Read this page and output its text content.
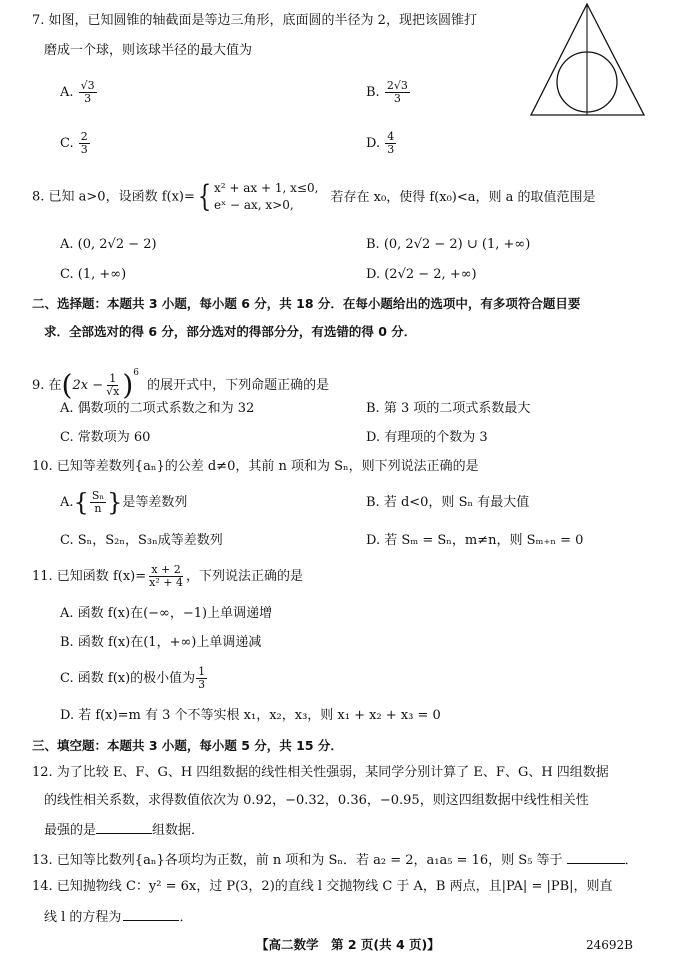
7. 如图，已知圆锥的轴截面是等边三角形，底面圆的半径为 2，现把该圆锥打
磨成一个球，则该球半径的最大值为
A. $\frac{√3}{3}$	B. $\frac{2√3}{3}$
C. $\frac{2}{3}$	D. $\frac{4}{3}$
8. 已知 a>0，设函数 f(x)={ x² + ax + 1, x≤0,
eˣ − ax, x>0,
若存在 x₀，使得 f(x₀)<a，则 a 的取值范围是
A. (0, 2√2 − 2)	B. (0, 2√2 − 2) ∪ (1, +∞)
C. (1, +∞)	D. (2√2 − 2, +∞)
二、选择题：本题共 3 小题，每小题 6 分，共 18 分．在每小题给出的选项中，有多项符合题目要
求．全部选对的得 6 分，部分选对的得部分分，有选错的得 0 分．
9. 在$(2x - \frac{1}{√x} )^6$ 的展开式中，下列命题正确的是
A. 偶数项的二项式系数之和为 32	B. 第 3 项的二项式系数最大
C. 常数项为 60	D. 有理项的个数为 3
10. 已知等差数列{aₙ}的公差 d≠0，其前 n 项和为 Sₙ，则下列说法正确的是
$A.\{ \frac{\text{Sₙ}}{n}$ }是等差数列	B. 若 d<0，则 Sₙ 有最大值
C. Sₙ，S₂ₙ，S₃ₙ成等差数列	D. 若 Sₘ = Sₙ，m≠n，则 Sₘ₊ₙ = 0
11. 已知函数 $f(x)= \frac{x + 2}{\text{x² + 4}}$ ，下列说法正确的是
A. 函数 f(x)在(−∞，−1)上单调递增
B. 函数 f(x)在(1，+∞)上单调递减
C. 函数 f(x)的极小值为 $\frac{1}{3}$
D. 若 f(x)=m 有 3 个不等实根 x₁，x₂，x₃，则 x₁ + x₂ + x₃ = 0
三、填空题：本题共 3 小题，每小题 5 分，共 15 分．
12. 为了比较 E、F、G、H 四组数据的线性相关性强弱，某同学分别计算了 E、F、G、H 四组数据
的线性相关系数，求得数值依次为 0.92，−0.32，0.36，−0.95，则这四组数据中线性相关性
最强的是	组数据．
13. 已知等比数列{aₙ}各项均为正数，前 n 项和为 Sₙ．若 a₂ = 2，a₁a₅ = 16，则 S₅ 等于	．
14. 已知抛物线 C：y² = 6x，过 P(3，2)的直线 l 交抛物线 C 于 A，B 两点，且|PA| = |PB|，则直
线 l 的方程为	．
【高二数学　第 2 页(共 4 页)】	24692B
